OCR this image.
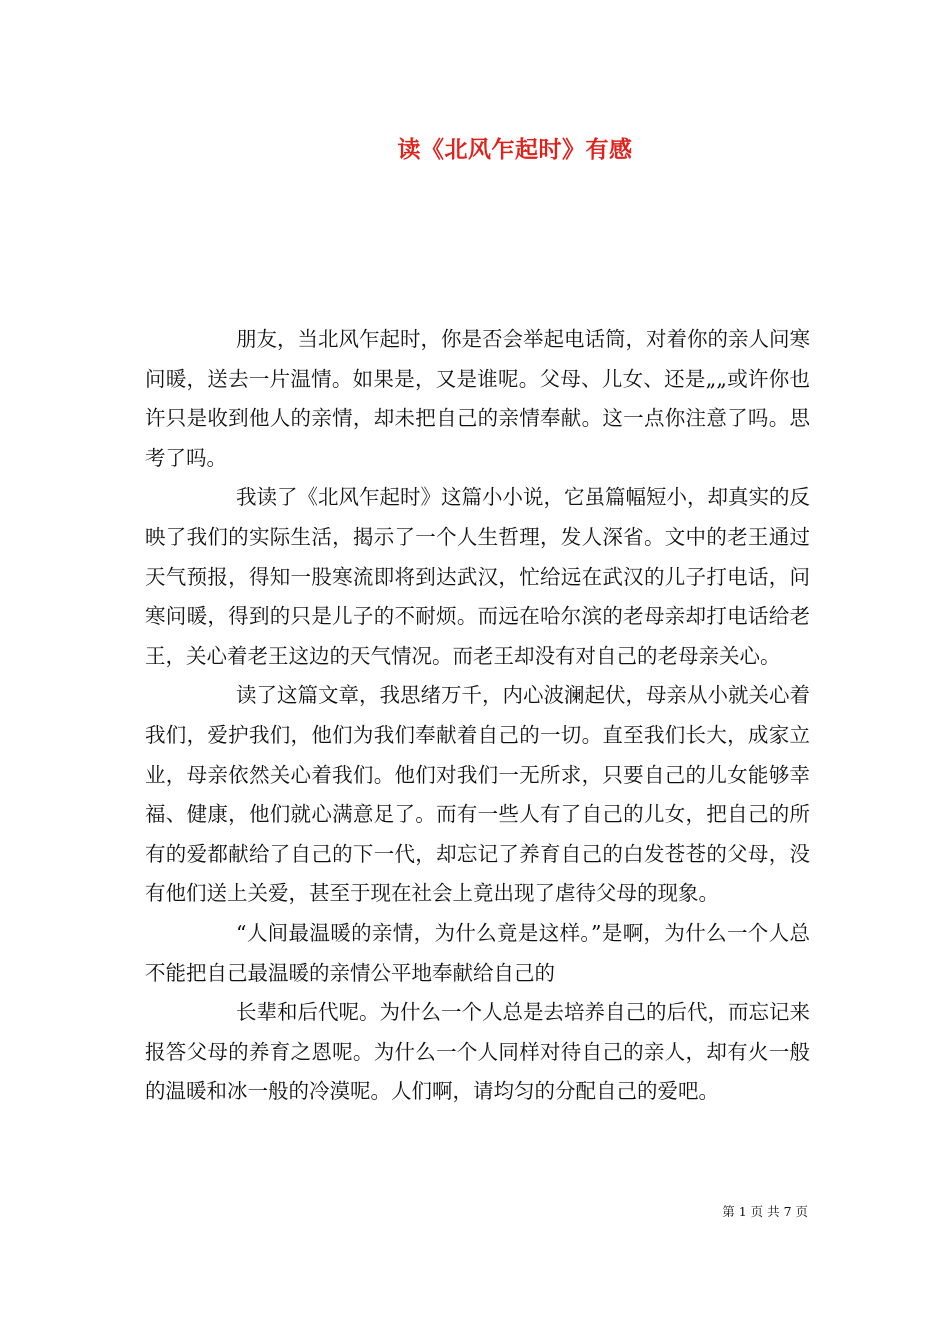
读《北风乍起时》有感

朋友，当北风乍起时，你是否会举起电话筒，对着你的亲人问寒问暖，送去一片温情。如果是，又是谁呢。父母、儿女、还是„„或许你也许只是收到他人的亲情，却未把自己的亲情奉献。这一点你注意了吗。思考了吗。

我读了《北风乍起时》这篇小小说，它虽篇幅短小，却真实的反映了我们的实际生活，揭示了一个人生哲理，发人深省。文中的老王通过天气预报，得知一股寒流即将到达武汉，忙给远在武汉的儿子打电话，问寒问暖，得到的只是儿子的不耐烦。而远在哈尔滨的老母亲却打电话给老王，关心着老王这边的天气情况。而老王却没有对自己的老母亲关心。

读了这篇文章，我思绪万千，内心波澜起伏，母亲从小就关心着我们，爱护我们，他们为我们奉献着自己的一切。直至我们长大，成家立业，母亲依然关心着我们。他们对我们一无所求，只要自己的儿女能够幸福、健康，他们就心满意足了。而有一些人有了自己的儿女，把自己的所有的爱都献给了自己的下一代，却忘记了养育自己的白发苍苍的父母，没有他们送上关爱，甚至于现在社会上竟出现了虐待父母的现象。

“人间最温暖的亲情，为什么竟是这样。”是啊，为什么一个人总不能把自己最温暖的亲情公平地奉献给自己的

长辈和后代呢。为什么一个人总是去培养自己的后代，而忘记来报答父母的养育之恩呢。为什么一个人同样对待自己的亲人，却有火一般的温暖和冰一般的冷漠呢。人们啊，请均匀的分配自己的爱吧。

第 1 页 共 7 页
